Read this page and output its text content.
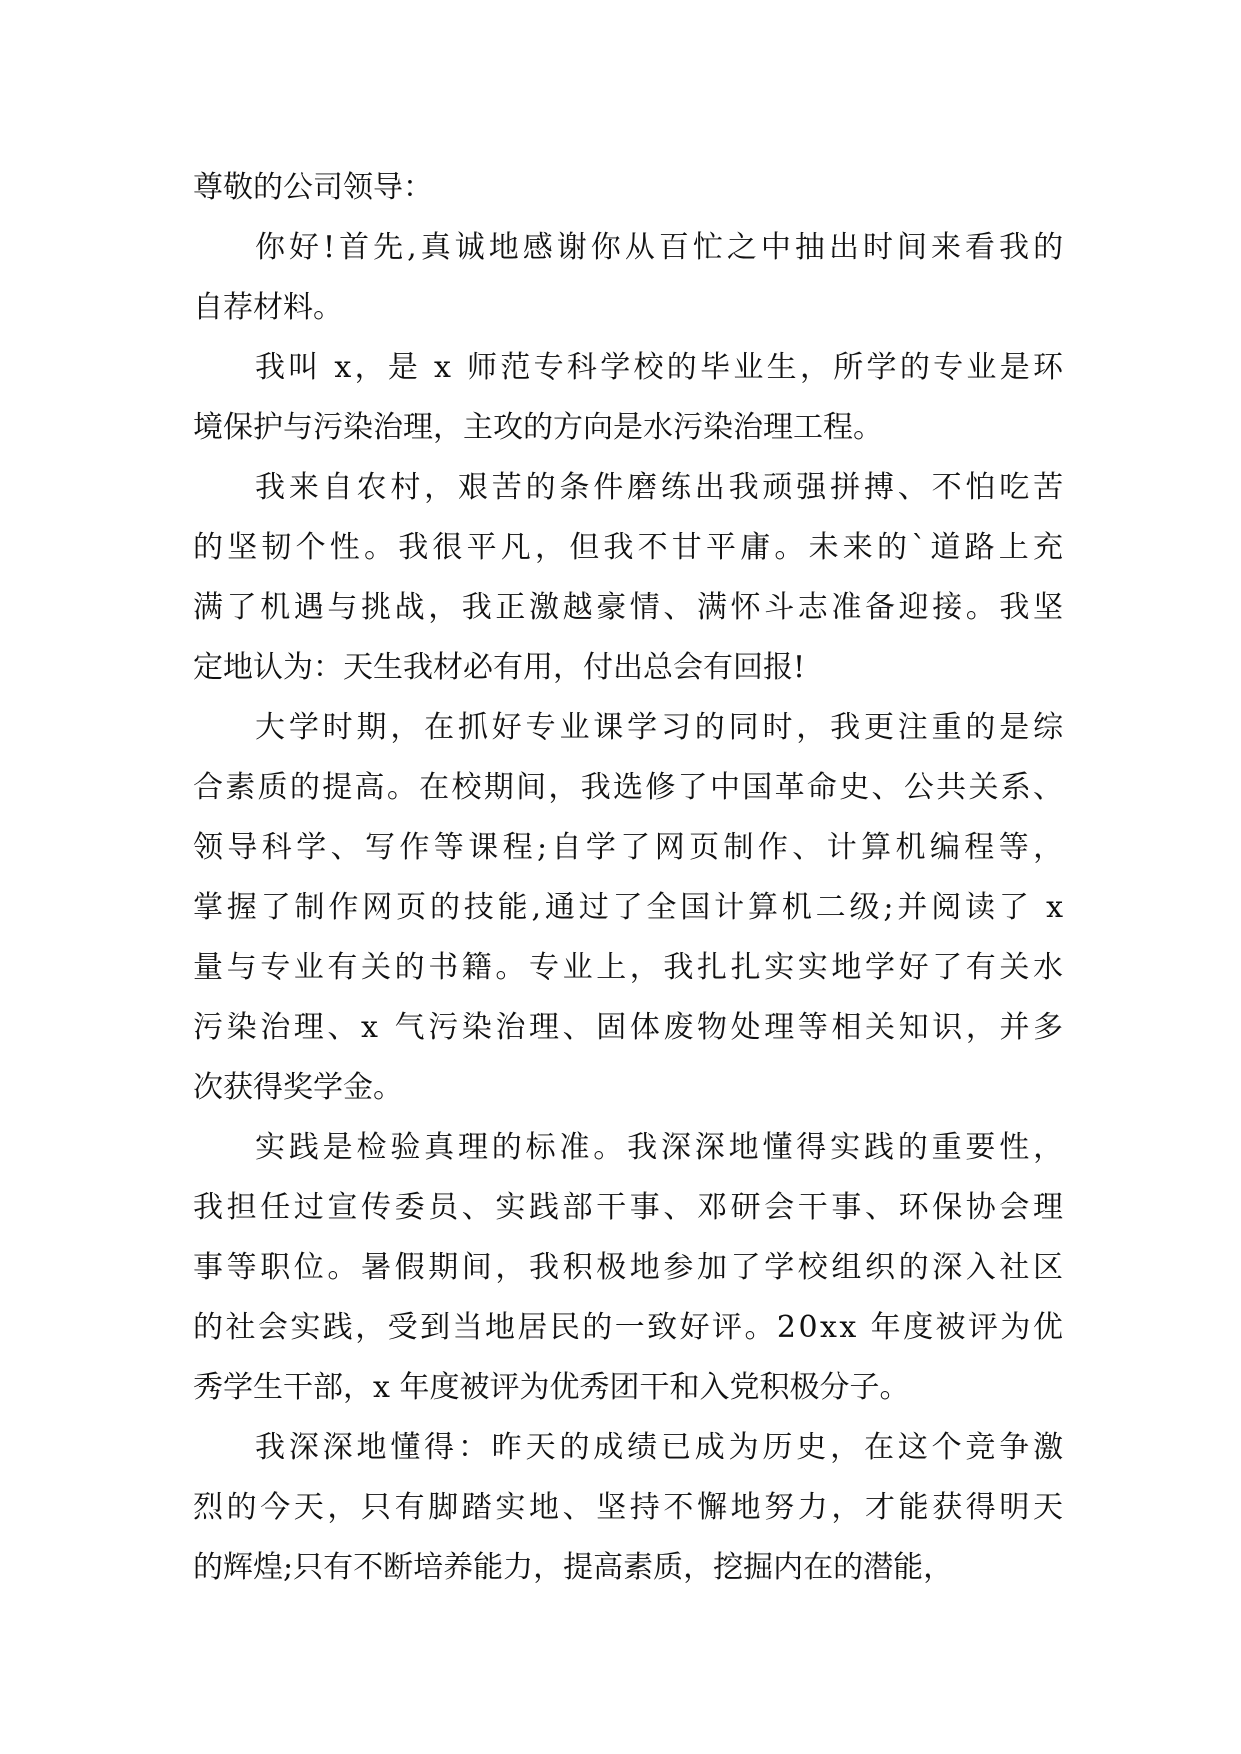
尊敬的公司领导：
你好!首先,真诚地感谢你从百忙之中抽出时间来看我的
自荐材料。
我叫 x，是 x 师范专科学校的毕业生，所学的专业是环
境保护与污染治理，主攻的方向是水污染治理工程。
我来自农村，艰苦的条件磨练出我顽强拼搏、不怕吃苦
的坚韧个性。我很平凡，但我不甘平庸。未来的`道路上充
满了机遇与挑战，我正激越豪情、满怀斗志准备迎接。我坚
定地认为：天生我材必有用，付出总会有回报!
大学时期，在抓好专业课学习的同时，我更注重的是综
合素质的提高。在校期间，我选修了中国革命史、公共关系、
领导科学、写作等课程;自学了网页制作、计算机编程等，
掌握了制作网页的技能,通过了全国计算机二级;并阅读了 x
量与专业有关的书籍。专业上，我扎扎实实地学好了有关水
污染治理、x 气污染治理、固体废物处理等相关知识，并多
次获得奖学金。
实践是检验真理的标准。我深深地懂得实践的重要性，
我担任过宣传委员、实践部干事、邓研会干事、环保协会理
事等职位。暑假期间，我积极地参加了学校组织的深入社区
的社会实践，受到当地居民的一致好评。20xx 年度被评为优
秀学生干部，x 年度被评为优秀团干和入党积极分子。
我深深地懂得：昨天的成绩已成为历史，在这个竞争激
烈的今天，只有脚踏实地、坚持不懈地努力，才能获得明天
的辉煌;只有不断培养能力，提高素质，挖掘内在的潜能，
